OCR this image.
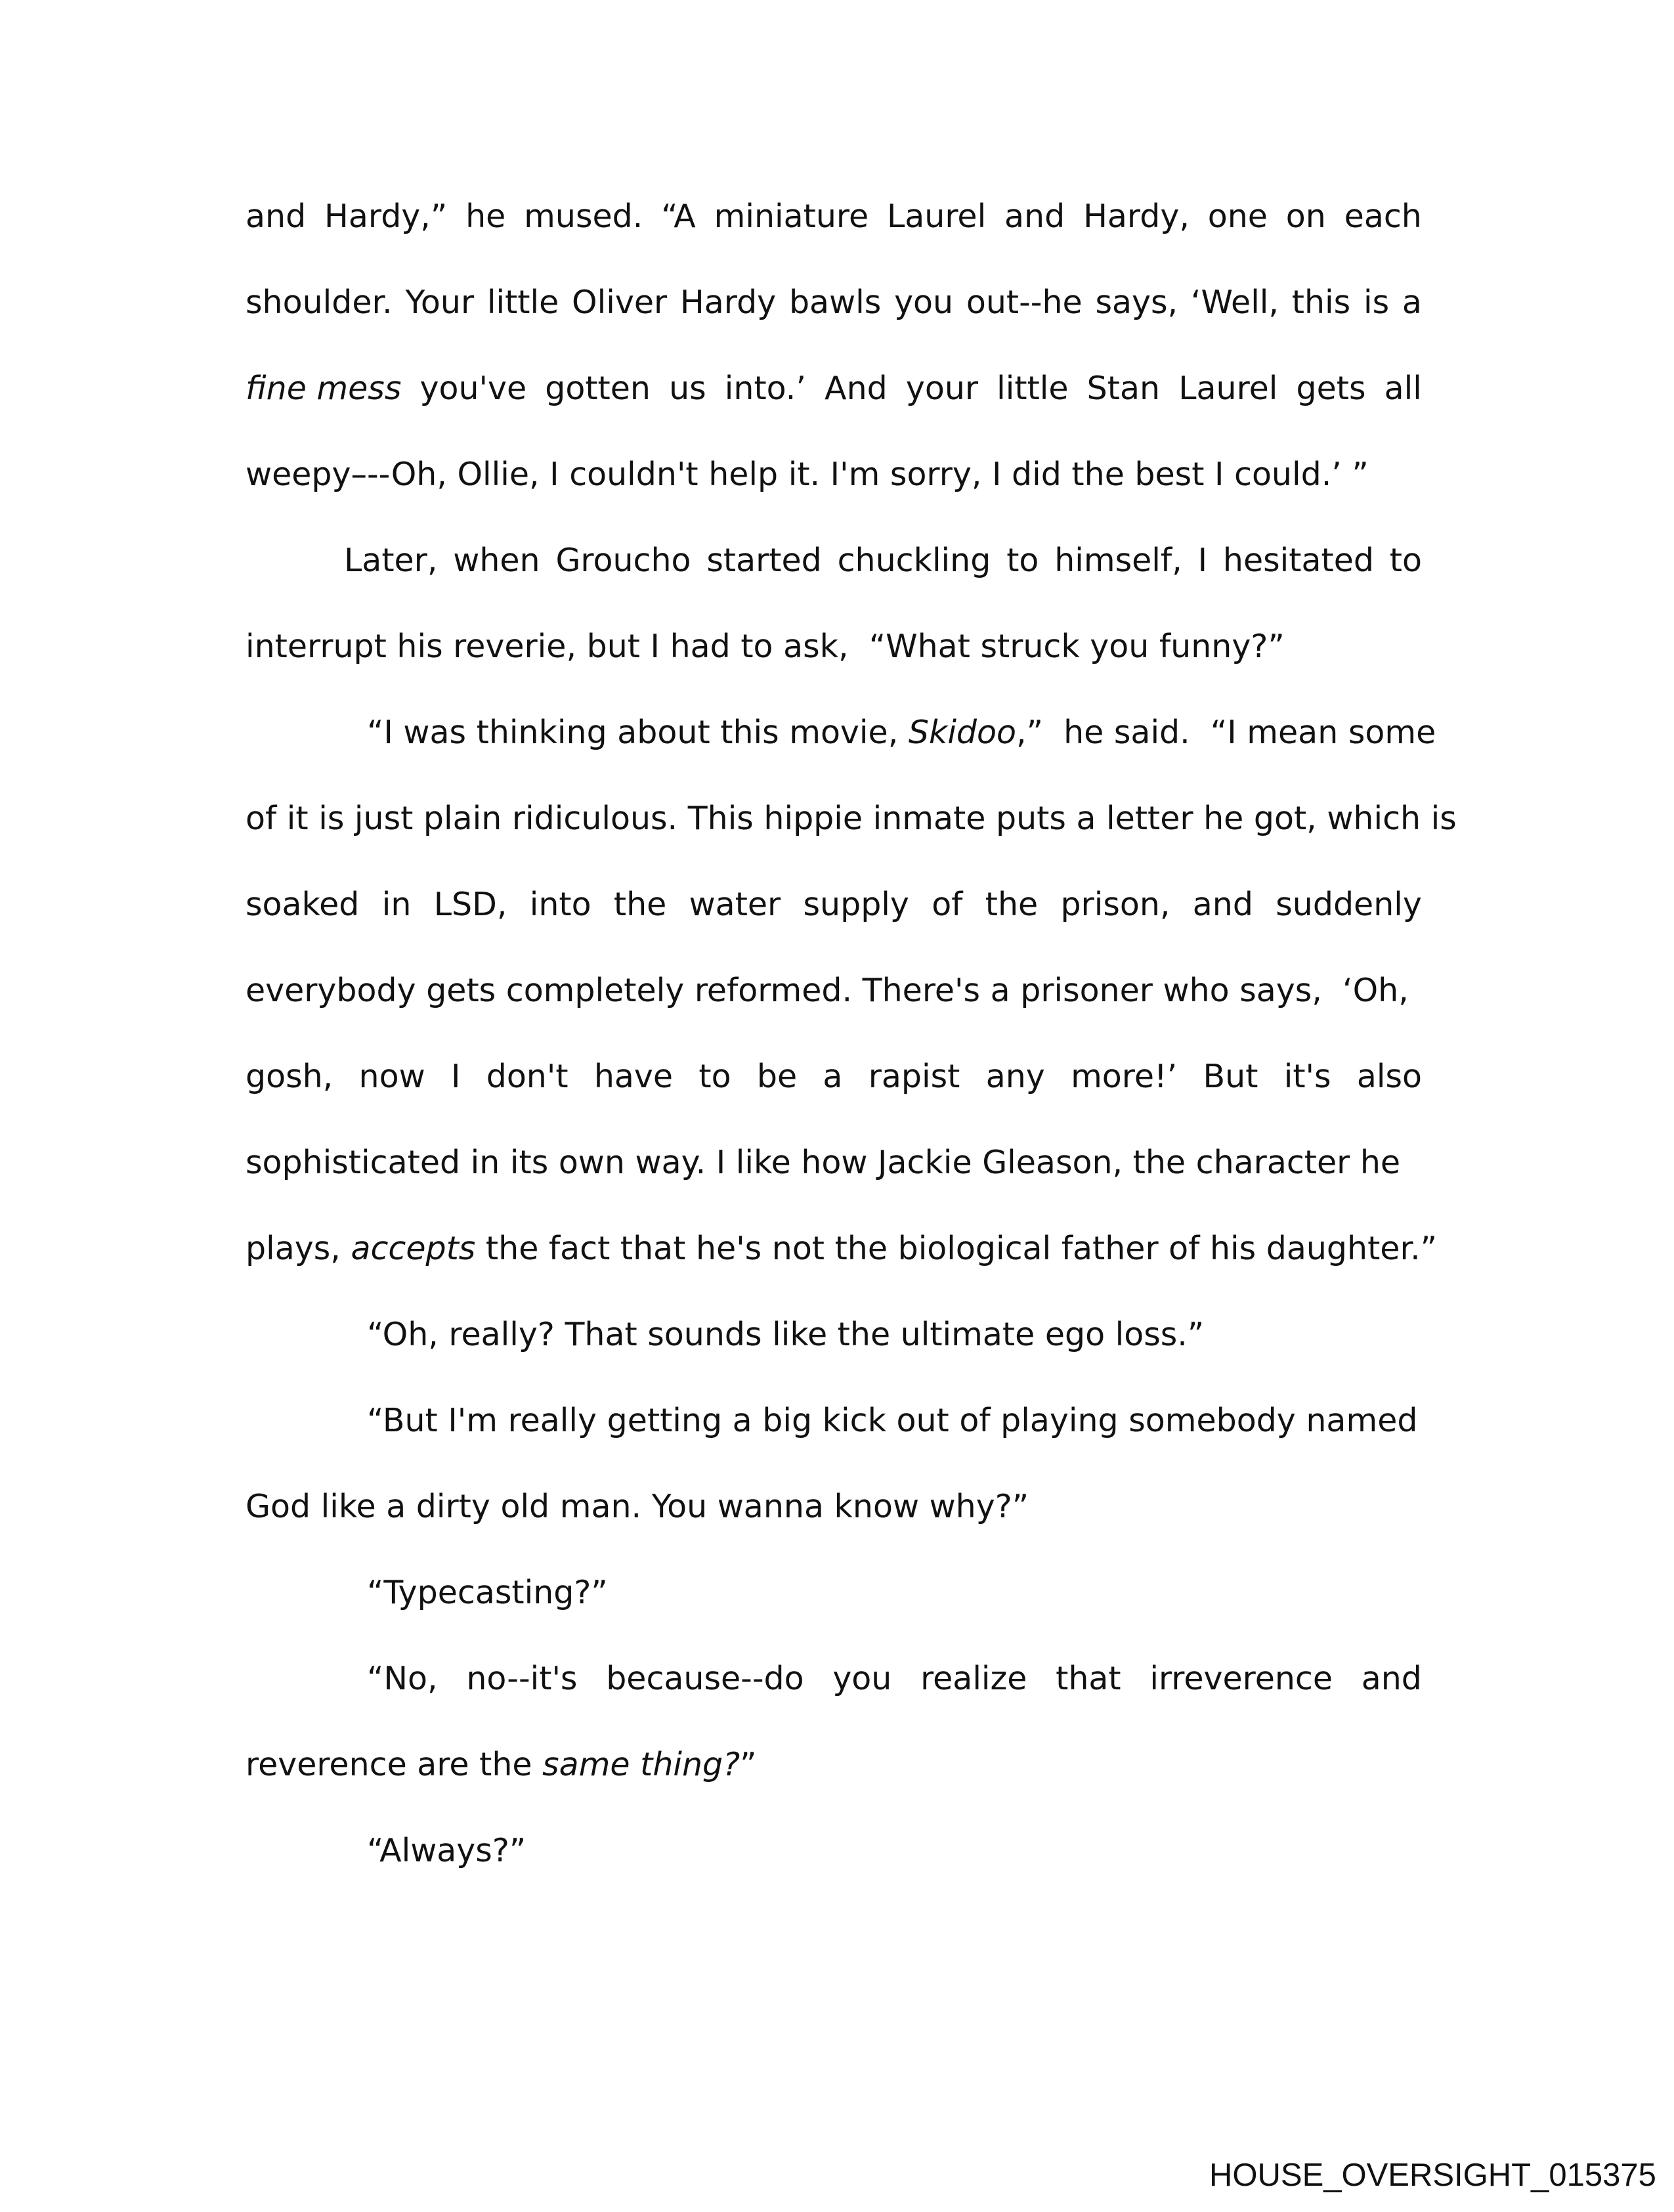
and Hardy,” he mused. “A miniature Laurel and Hardy, one on each
shoulder. Your little Oliver Hardy bawls you out--he says, ‘Well, this is a
fine mess you've gotten us into.’ And your little Stan Laurel gets all
weepy–--Oh, Ollie, I couldn't help it. I'm sorry, I did the best I could.’ ”
Later, when Groucho started chuckling to himself, I hesitated to
interrupt his reverie, but I had to ask,  “What struck you funny?”
“I was thinking about this movie, Skidoo,”  he said.  “I mean some
of it is just plain ridiculous. This hippie inmate puts a letter he got, which is
soaked in LSD, into the water supply of the prison, and suddenly
everybody gets completely reformed. There's a prisoner who says,  ‘Oh,
gosh, now I don't have to be a rapist any more!’ But it's also
sophisticated in its own way. I like how Jackie Gleason, the character he
plays, accepts the fact that he's not the biological father of his daughter.”
“Oh, really? That sounds like the ultimate ego loss.”
“But I'm really getting a big kick out of playing somebody named
God like a dirty old man. You wanna know why?”
“Typecasting?”
“No, no--it's because--do you realize that irreverence and
reverence are the same thing?”
“Always?”
HOUSE_OVERSIGHT_015375
